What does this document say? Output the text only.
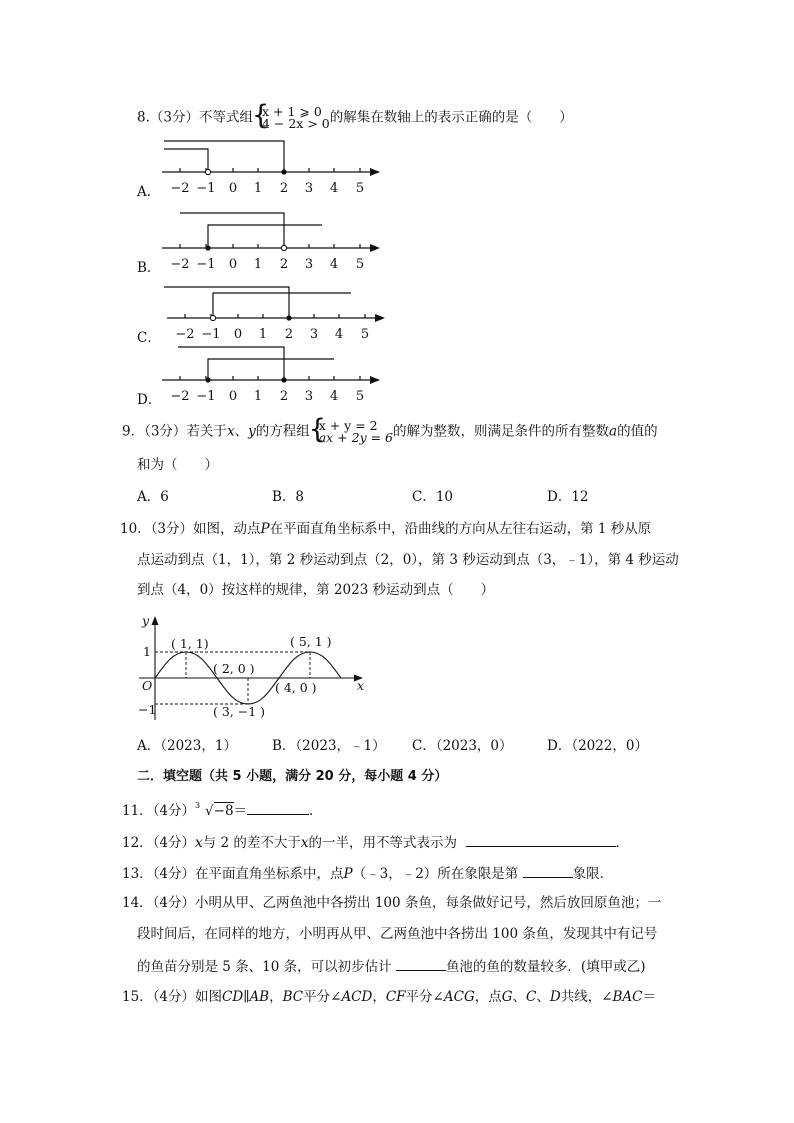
8.（3分）不等式组 { x + 1 ⩾ 0
4 − 2x > 0 的解集在数轴上的表示正确的是（　　）
A． −2 −1 0 1 2 3 4 5
B． −2 −1 0 1 2 3 4 5
C． −2 −1 0 1 2 3 4 5
D． −2 −1 0 1 2 3 4 5
9．（3分）若关于x、y的方程组 { x + y = 2
ax + 2y = 6 的解为整数，则满足条件的所有整数a的值的
和为（　　）
A．6	B．8	C．10	D．12
10．（3分）如图，动点P在平面直角坐标系中，沿曲线的方向从左往右运动，第 1 秒从原
点运动到点（1，1），第 2 秒运动到点（2，0），第 3 秒运动到点（3，﹣1），第 4 秒运动
到点（4，0）按这样的规律，第 2023 秒运动到点（　　）
y
x
O
1
−1
( 1, 1)
( 2, 0 )
( 3, −1 )
( 4, 0 )
( 5, 1 )
A．（2023，1）	B．（2023，﹣1） C．（2023，0）	D．（2022，0）
二．填空题（共 5 小题，满分 20 分，每小题 4 分）
11．（4分） 3 √−8＝	．
12．（4分）x与 2 的差不大于x的一半，用不等式表示为	．
13．（4分）在平面直角坐标系中，点P（﹣3，﹣2）所在象限是第	象限．
14．（4分）小明从甲、乙两鱼池中各捞出 100 条鱼，每条做好记号，然后放回原鱼池；一
段时间后，在同样的地方，小明再从甲、乙两鱼池中各捞出 100 条鱼，发现其中有记号
的鱼苗分别是 5 条、10 条，可以初步估计	鱼池的鱼的数量较多．(填甲或乙)
15．（4分）如图CD∥AB，BC平分∠ACD，CF平分∠ACG，点G、C、D共线，∠BAC＝
